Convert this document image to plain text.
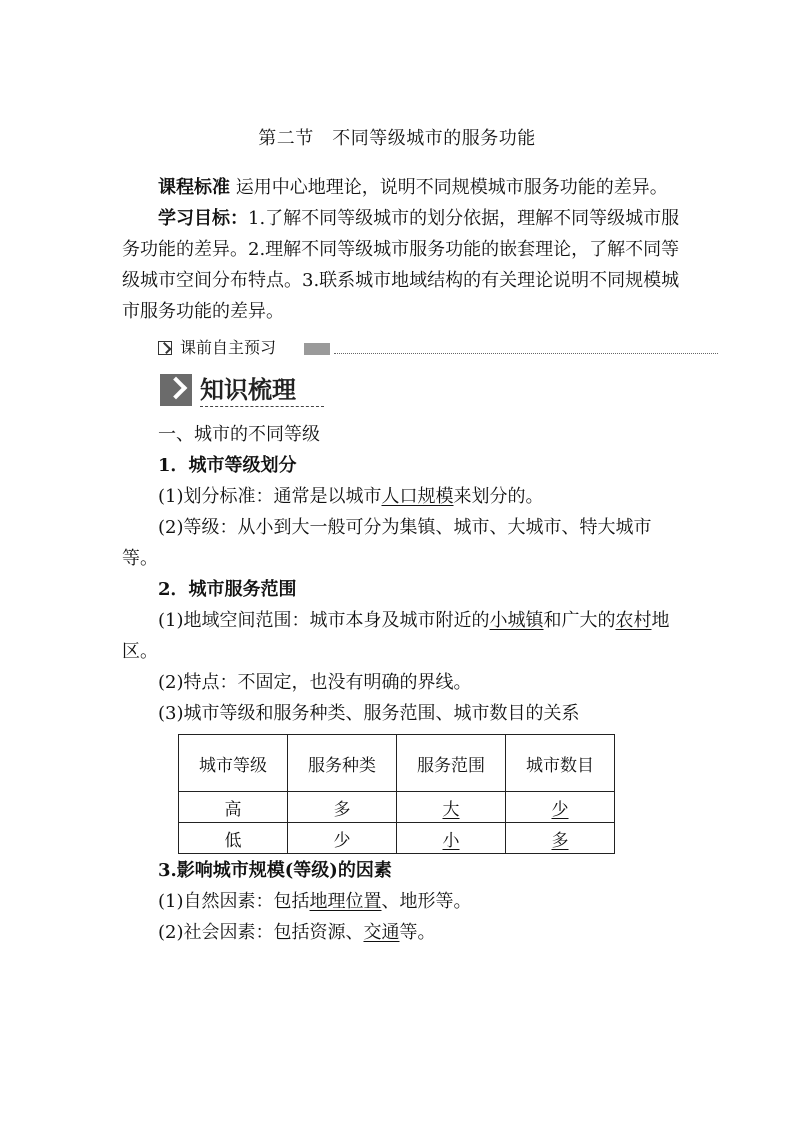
第二节　不同等级城市的服务功能

课程标准 运用中心地理论，说明不同规模城市服务功能的差异。

学习目标：1.了解不同等级城市的划分依据，理解不同等级城市服务功能的差异。2.理解不同等级城市服务功能的嵌套理论，了解不同等级城市空间分布特点。3.联系城市地域结构的有关理论说明不同规模城市服务功能的差异。

课前自主预习
知识梳理

一、城市的不同等级

1．城市等级划分

(1)划分标准：通常是以城市人口规模来划分的。

(2)等级：从小到大一般可分为集镇、城市、大城市、特大城市等。

2．城市服务范围

(1)地域空间范围：城市本身及城市附近的小城镇和广大的农村地区。

(2)特点：不固定，也没有明确的界线。

(3)城市等级和服务种类、服务范围、城市数目的关系

城市等级	服务种类	服务范围	城市数目
高	多	大	少
低	少	小	多

3.影响城市规模(等级)的因素

(1)自然因素：包括地理位置、地形等。

(2)社会因素：包括资源、交通等。
